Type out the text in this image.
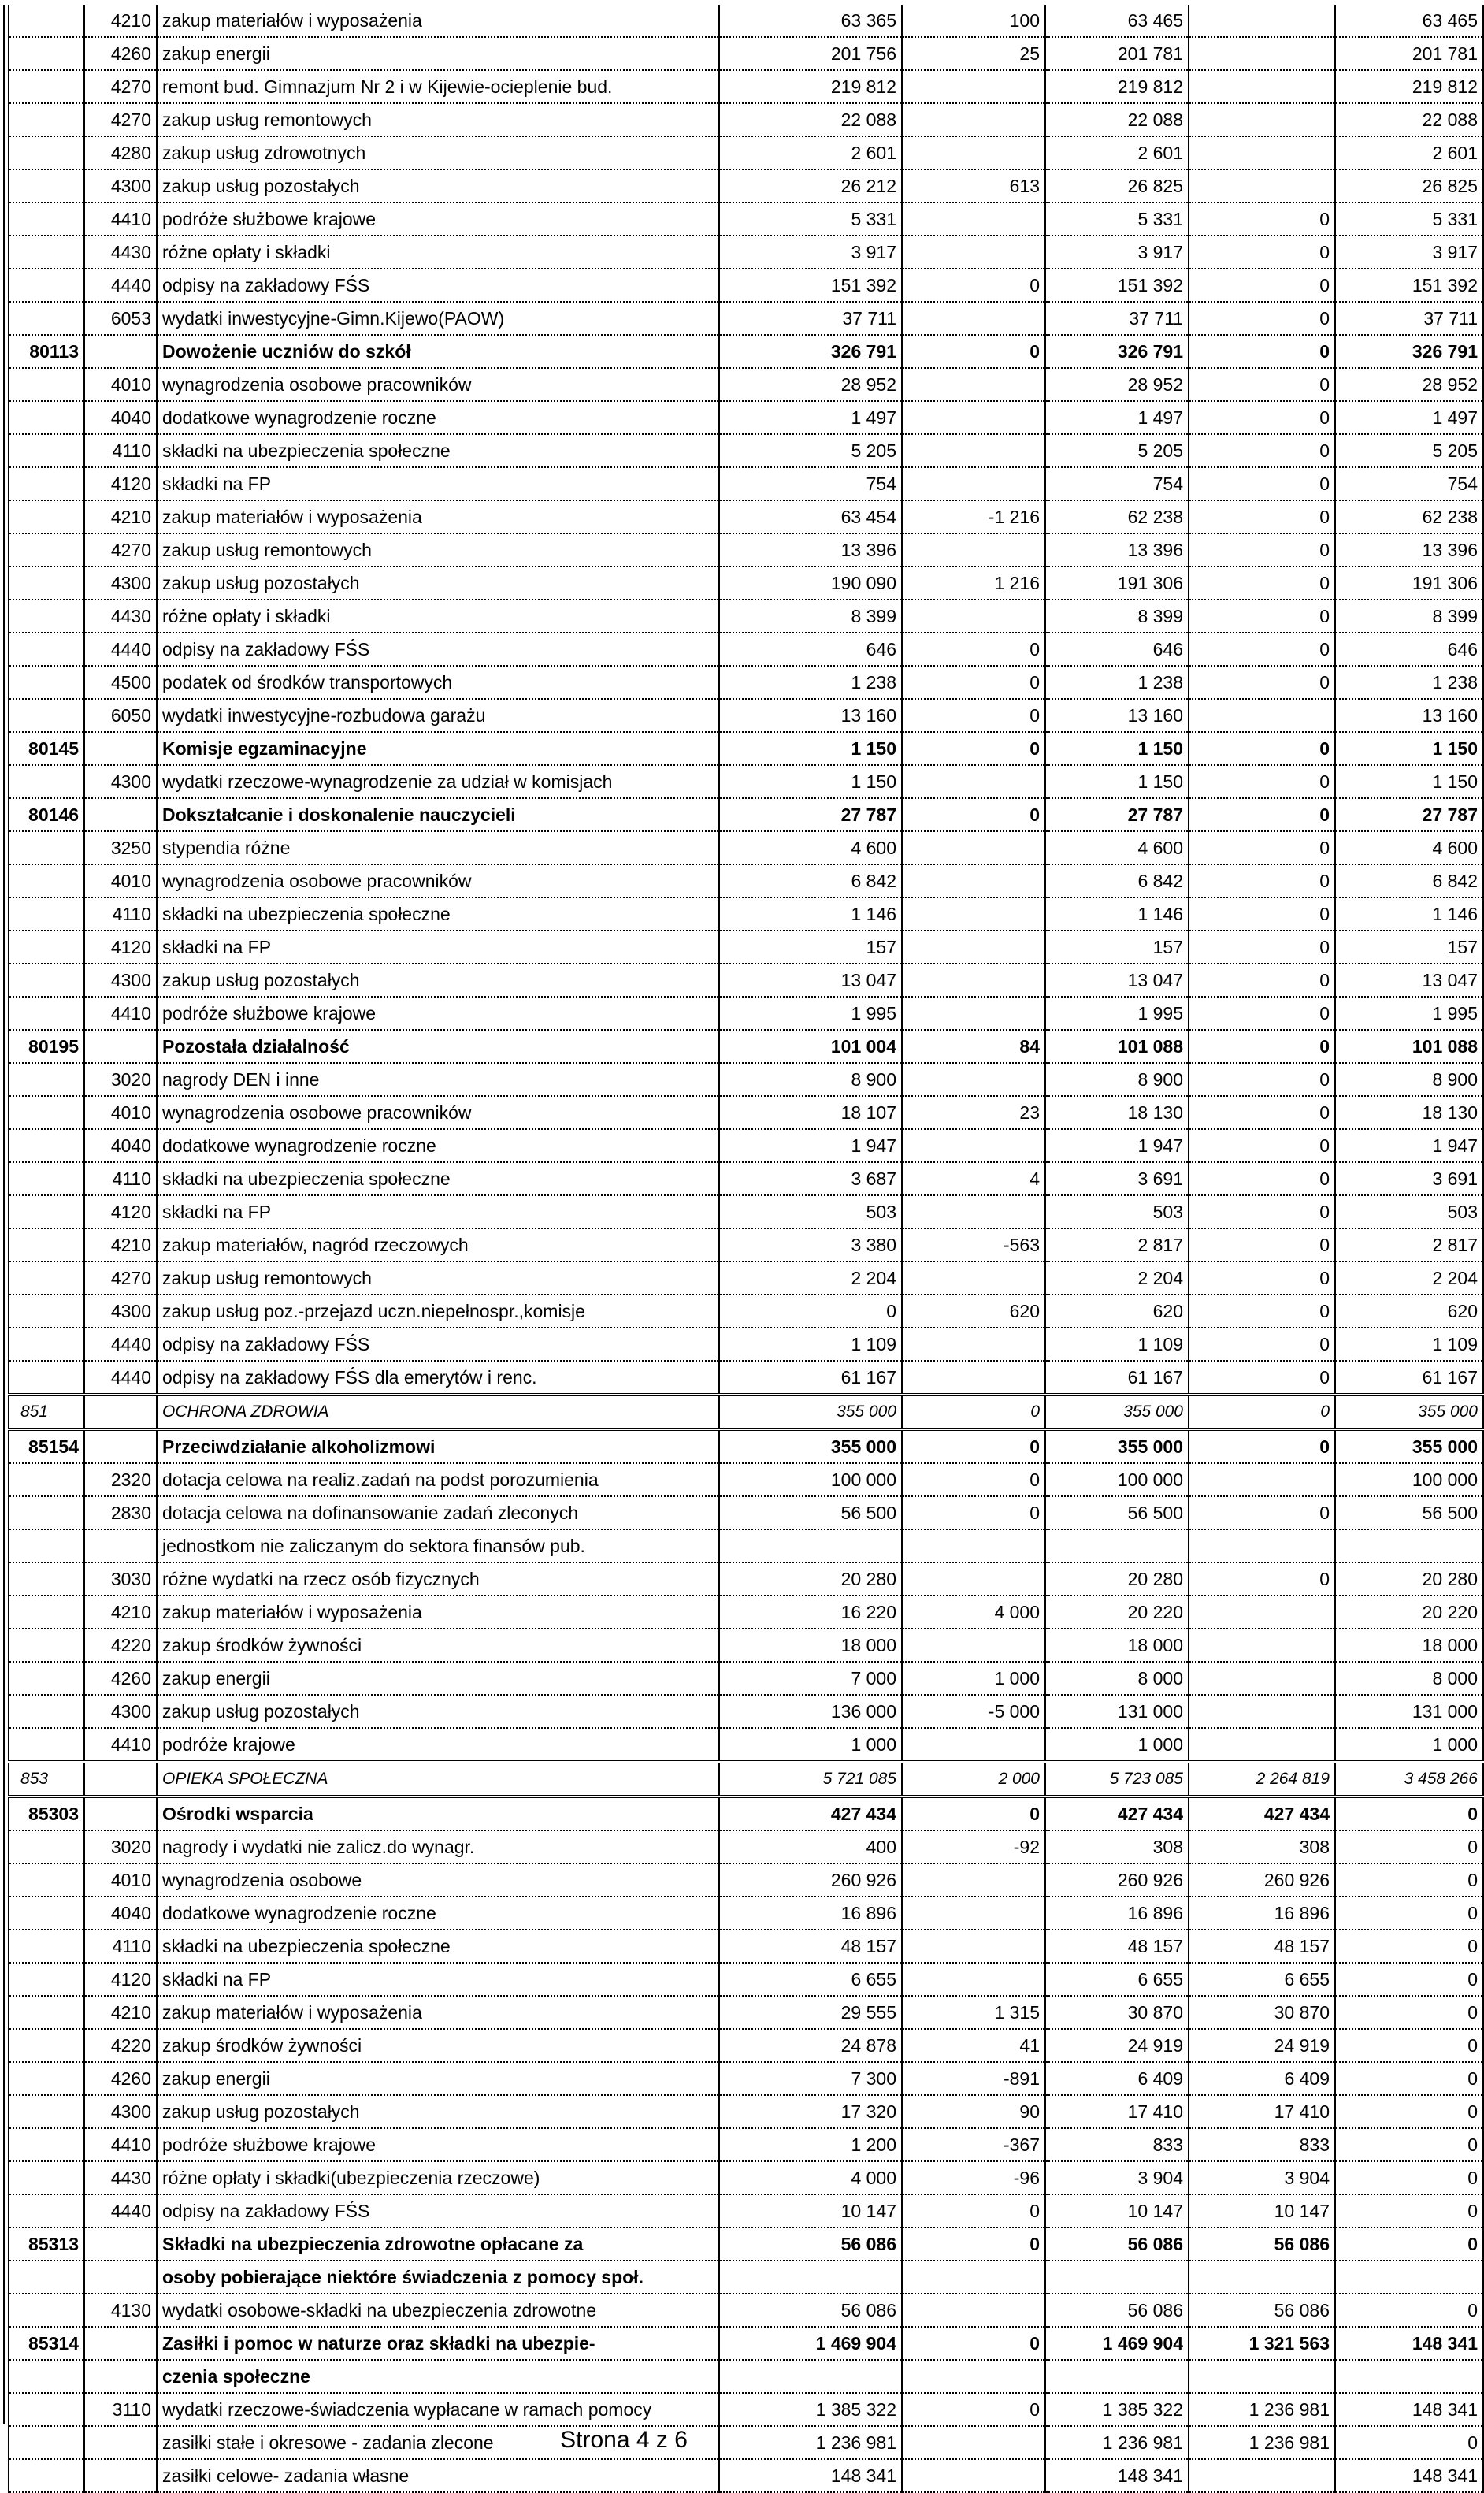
	4210	zakup materiałów i wyposażenia	63 365	100	63 465		63 465
	4260	zakup energii	201 756	25	201 781		201 781
	4270	remont bud. Gimnazjum Nr 2 i w Kijewie-ocieplenie bud.	219 812		219 812		219 812
	4270	zakup usług remontowych	22 088		22 088		22 088
	4280	zakup usług zdrowotnych	2 601		2 601		2 601
	4300	zakup usług pozostałych	26 212	613	26 825		26 825
	4410	podróże służbowe krajowe	5 331		5 331	0	5 331
	4430	różne opłaty i składki	3 917		3 917	0	3 917
	4440	odpisy na zakładowy FŚS	151 392	0	151 392	0	151 392
	6053	wydatki inwestycyjne-Gimn.Kijewo(PAOW)	37 711		37 711	0	37 711
80113		Dowożenie uczniów do szkół	326 791	0	326 791	0	326 791
	4010	wynagrodzenia osobowe pracowników	28 952		28 952	0	28 952
	4040	dodatkowe wynagrodzenie roczne	1 497		1 497	0	1 497
	4110	składki na ubezpieczenia społeczne	5 205		5 205	0	5 205
	4120	składki na FP	754		754	0	754
	4210	zakup materiałów i wyposażenia	63 454	-1 216	62 238	0	62 238
	4270	zakup usług remontowych	13 396		13 396	0	13 396
	4300	zakup usług pozostałych	190 090	1 216	191 306	0	191 306
	4430	różne opłaty i składki	8 399		8 399	0	8 399
	4440	odpisy na zakładowy FŚS	646	0	646	0	646
	4500	podatek od środków transportowych	1 238	0	1 238	0	1 238
	6050	wydatki inwestycyjne-rozbudowa garażu	13 160	0	13 160		13 160
80145		Komisje egzaminacyjne	1 150	0	1 150	0	1 150
	4300	wydatki rzeczowe-wynagrodzenie za udział w komisjach	1 150		1 150	0	1 150
80146		Dokształcanie i doskonalenie nauczycieli	27 787	0	27 787	0	27 787
	3250	stypendia różne	4 600		4 600	0	4 600
	4010	wynagrodzenia osobowe pracowników	6 842		6 842	0	6 842
	4110	składki na ubezpieczenia społeczne	1 146		1 146	0	1 146
	4120	składki na FP	157		157	0	157
	4300	zakup usług pozostałych	13 047		13 047	0	13 047
	4410	podróże służbowe krajowe	1 995		1 995	0	1 995
80195		Pozostała działalność	101 004	84	101 088	0	101 088
	3020	nagrody DEN i inne	8 900		8 900	0	8 900
	4010	wynagrodzenia osobowe pracowników	18 107	23	18 130	0	18 130
	4040	dodatkowe wynagrodzenie roczne	1 947		1 947	0	1 947
	4110	składki na ubezpieczenia społeczne	3 687	4	3 691	0	3 691
	4120	składki na FP	503		503	0	503
	4210	zakup materiałów, nagród rzeczowych	3 380	-563	2 817	0	2 817
	4270	zakup usług remontowych	2 204		2 204	0	2 204
	4300	zakup usług poz.-przejazd uczn.niepełnospr.,komisje	0	620	620	0	620
	4440	odpisy na zakładowy FŚS	1 109		1 109	0	1 109
	4440	odpisy na zakładowy FŚS dla emerytów i renc.	61 167		61 167	0	61 167
851		OCHRONA ZDROWIA	355 000	0	355 000	0	355 000
85154		Przeciwdziałanie alkoholizmowi	355 000	0	355 000	0	355 000
	2320	dotacja celowa na realiz.zadań na podst porozumienia	100 000	0	100 000		100 000
	2830	dotacja celowa na dofinansowanie zadań zleconych	56 500	0	56 500	0	56 500
		jednostkom nie zaliczanym do sektora finansów pub.					
	3030	różne wydatki na rzecz osób fizycznych	20 280		20 280	0	20 280
	4210	zakup materiałów i wyposażenia	16 220	4 000	20 220		20 220
	4220	zakup środków żywności	18 000		18 000		18 000
	4260	zakup energii	7 000	1 000	8 000		8 000
	4300	zakup usług pozostałych	136 000	-5 000	131 000		131 000
	4410	podróże krajowe	1 000		1 000		1 000
853		OPIEKA SPOŁECZNA	5 721 085	2 000	5 723 085	2 264 819	3 458 266
85303		Ośrodki wsparcia	427 434	0	427 434	427 434	0
	3020	nagrody i wydatki nie zalicz.do wynagr.	400	-92	308	308	0
	4010	wynagrodzenia osobowe	260 926		260 926	260 926	0
	4040	dodatkowe wynagrodzenie roczne	16 896		16 896	16 896	0
	4110	składki na ubezpieczenia społeczne	48 157		48 157	48 157	0
	4120	składki na FP	6 655		6 655	6 655	0
	4210	zakup materiałów i wyposażenia	29 555	1 315	30 870	30 870	0
	4220	zakup środków żywności	24 878	41	24 919	24 919	0
	4260	zakup energii	7 300	-891	6 409	6 409	0
	4300	zakup usług pozostałych	17 320	90	17 410	17 410	0
	4410	podróże służbowe krajowe	1 200	-367	833	833	0
	4430	różne opłaty i składki(ubezpieczenia rzeczowe)	4 000	-96	3 904	3 904	0
	4440	odpisy na zakładowy FŚS	10 147	0	10 147	10 147	0
85313		Składki na ubezpieczenia zdrowotne opłacane za	56 086	0	56 086	56 086	0
		osoby pobierające niektóre świadczenia z pomocy społ.					
	4130	wydatki osobowe-składki na ubezpieczenia zdrowotne	56 086		56 086	56 086	0
85314		Zasiłki i pomoc w naturze oraz składki na ubezpie-	1 469 904	0	1 469 904	1 321 563	148 341
		czenia społeczne					
	3110	wydatki rzeczowe-świadczenia wypłacane w ramach pomocy	1 385 322	0	1 385 322	1 236 981	148 341
		zasiłki stałe i okresowe - zadania zlecone	1 236 981		1 236 981	1 236 981	0
		zasiłki celowe- zadania własne	148 341		148 341		148 341
Strona 4 z 6
